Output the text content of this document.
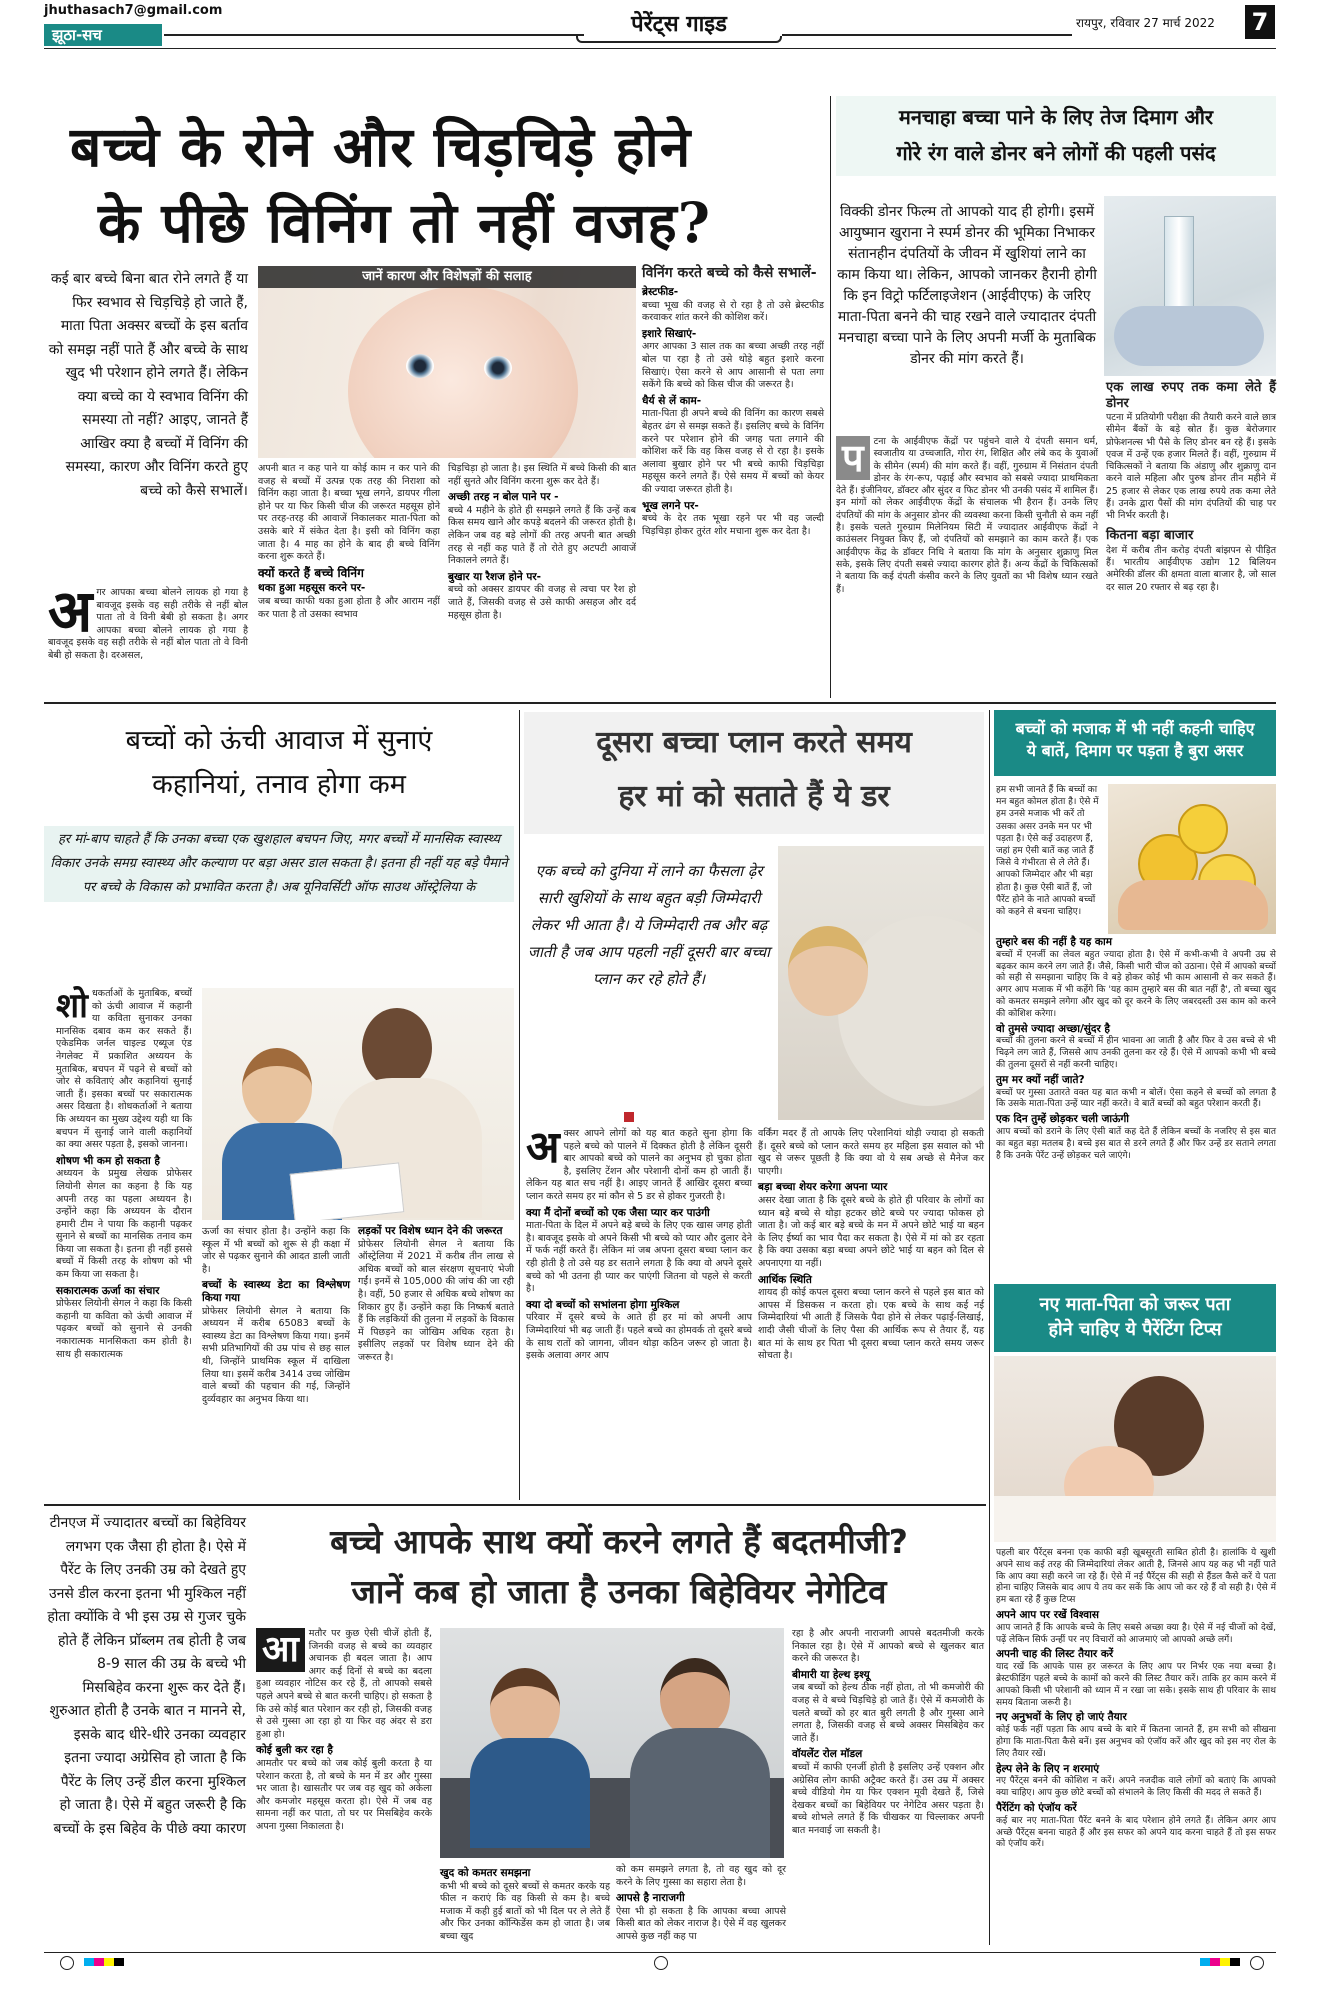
jhuthasach7@gmail.com
झूठा-सच	पेरेंट्स गाइड	रायपुर, रविवार 27 मार्च 2022 7
बच्चे के रोने और चिड़चिड़े होने
के पीछे विनिंग तो नहीं वजह?
कई बार बच्चे बिना बात रोने लगते हैं या फिर स्वभाव से चिड़चिड़े हो जाते हैं, माता पिता अक्सर बच्चों के इस बर्ताव को समझ नहीं पाते हैं और बच्चे के साथ खुद भी परेशान होने लगते हैं। लेकिन क्या बच्चे का ये स्वभाव विनिंग की समस्या तो नहीं? आइए, जानते हैं आखिर क्या है बच्चों में विनिंग की समस्या, कारण और विनिंग करते हुए बच्चे को कैसे सभालें।
जानें कारण और विशेषज्ञों की सलाह
अ गर आपका बच्चा बोलने लायक हो गया है बावजूद इसके वह सही तरीके से नहीं बोल पाता तो वे विनी बेबी हो सकता है। अगर आपका बच्चा बोलने लायक हो गया है बावजूद इसके वह सही तरीके से नहीं बोल पाता तो वे विनी बेबी हो सकता है। दरअसल,
अपनी बात न कह पाने या कोई काम न कर पाने की वजह से बच्चों में उत्पन्न एक तरह की निराशा को विनिंग कहा जाता है। बच्चा भूख लगने, डायपर गीला होने पर या फिर किसी चीज की जरूरत महसूस होने पर तरह-तरह की आवाजें निकालकर माता-पिता को उसके बारे में संकेत देता है। इसी को विनिंग कहा जाता है। 4 माह का होने के बाद ही बच्चे विनिंग करना शुरू करते हैं।
क्यों करते हैं बच्चे विनिंग
थका हुआ महसूस करने पर-
जब बच्चा काफी थका हुआ होता है और आराम नहीं कर पाता है तो उसका स्वभाव
चिड़चिड़ा हो जाता है। इस स्थिति में बच्चे किसी की बात नहीं सुनते और विनिंग करना शुरू कर देते हैं।
अच्छी तरह न बोल पाने पर -
बच्चे 4 महीने के होते ही समझने लगते हैं कि उन्हें कब किस समय खाने और कपड़े बदलने की जरूरत होती है। लेकिन जब वह बड़े लोगों की तरह अपनी बात अच्छी तरह से नहीं कह पाते हैं तो रोते हुए अटपटी आवाजें निकालने लगते हैं।
बुखार या रैशज होने पर-
बच्चे को अक्सर डायपर की वजह से त्वचा पर रैश हो जाते हैं, जिसकी वजह से उसे काफी असहज और दर्द महसूस होता है।
विनिंग करते बच्चे को कैसे सभालें-
ब्रेस्टफीड-
बच्चा भूख की वजह से रो रहा है तो उसे ब्रेस्टफीड करवाकर शांत करने की कोशिश करें।
इशारे सिखाएं-
अगर आपका 3 साल तक का बच्चा अच्छी तरह नहीं बोल पा रहा है तो उसे थोड़े बहुत इशारे करना सिखाएं। ऐसा करने से आप आसानी से पता लगा सकेंगे कि बच्चे को किस चीज की जरूरत है।
धैर्य से लें काम-
माता-पिता ही अपने बच्चे की विनिंग का कारण सबसे बेहतर ढंग से समझ सकते हैं। इसलिए बच्चे के विनिंग करने पर परेशान होने की जगह पता लगाने की कोशिश करें कि वह किस वजह से रो रहा है। इसके अलावा बुखार होने पर भी बच्चे काफी चिड़चिड़ा महसूस करने लगते हैं। ऐसे समय में बच्चों को केयर की ज्यादा जरूरत होती है।
भूख लगने पर-
बच्चे के देर तक भूखा रहने पर भी वह जल्दी चिड़चिड़ा होकर तुरंत शोर मचाना शुरू कर देता है।
मनचाहा बच्चा पाने के लिए तेज दिमाग और
गोरे रंग वाले डोनर बने लोगों की पहली पसंद
विक्की डोनर फिल्म तो आपको याद ही होगी। इसमें आयुष्मान खुराना ने स्पर्म डोनर की भूमिका निभाकर संतानहीन दंपतियों के जीवन में खुशियां लाने का काम किया था। लेकिन, आपको जानकर हैरानी होगी कि इन विट्रो फर्टिलाइजेशन (आईवीएफ) के जरिए माता-पिता बनने की चाह रखने वाले ज्यादातर दंपती मनचाहा बच्चा पाने के लिए अपनी मर्जी के मुताबिक डोनर की मांग करते हैं।
प	टना के आईवीएफ केंद्रों पर पहुंचने वाले ये दंपती समान धर्म, स्वजातीय या उच्चजाति, गोरा रंग, शिक्षित और लंबे कद के युवाओं के सीमेन (स्पर्म) की मांग करते हैं। वहीं, गुरुग्राम में निसंतान दंपती डोनर के रंग-रूप, पढ़ाई और स्वभाव को सबसे ज्यादा प्राथमिकता देते हैं। इंजीनियर, डॉक्टर और सुंदर व फिट डोनर भी उनकी पसंद में शामिल हैं। इन मांगों को लेकर आईवीएफ केंद्रों के संचालक भी हैरान हैं। उनके लिए दंपतियों की मांग के अनुसार डोनर की व्यवस्था करना किसी चुनौती से कम नहीं है। इसके चलते गुरुग्राम मिलेनियम सिटी में ज्यादातर आईवीएफ केंद्रों ने काउंसलर नियुक्त किए हैं, जो दंपतियों को समझाने का काम करते हैं। एक आईवीएफ केंद्र के डॉक्टर निधि ने बताया कि मांग के अनुसार शुक्राणु मिल सके, इसके लिए दंपती सबसे ज्यादा कारगर होते हैं। अन्य केंद्रों के चिकित्सकों ने बताया कि कई दंपती कंसीव करने के लिए युवतों का भी विशेष ध्यान रखते हैं।
एक लाख रुपए तक कमा लेते हैं डोनर
पटना में प्रतियोगी परीक्षा की तैयारी करने वाले छात्र सीमेन बैंकों के बड़े स्रोत हैं। कुछ बेरोजगार प्रोफेशनल्स भी पैसे के लिए डोनर बन रहे हैं। इसके एवज में उन्हें एक हजार मिलते हैं। वहीं, गुरुग्राम में चिकित्सकों ने बताया कि अंडाणु और शुक्राणु दान करने वाले महिला और पुरुष डोनर तीन महीने में 25 हजार से लेकर एक लाख रुपये तक कमा लेते हैं। उनके द्वारा पैसों की मांग दंपतियों की चाह पर भी निर्भर करती है।
कितना बड़ा बाजार
देश में करीब तीन करोड़ दंपती बांझपन से पीड़ित हैं। भारतीय आईवीएफ उद्योग 12 बिलियन अमेरिकी डॉलर की क्षमता वाला बाजार है, जो साल दर साल 20 रफ्तार से बढ़ रहा है।
बच्चों को ऊंची आवाज में सुनाएं
कहानियां, तनाव होगा कम
हर मां-बाप चाहते हैं कि उनका बच्चा एक खुशहाल बचपन जिए, मगर बच्चों में मानसिक स्वास्थ्य विकार उनके समग्र स्वास्थ्य और कल्याण पर बड़ा असर डाल सकता है। इतना ही नहीं यह बड़े पैमाने पर बच्चे के विकास को प्रभावित करता है। अब यूनिवर्सिटी ऑफ साउथ ऑस्ट्रेलिया के
शो धकर्ताओं के मुताबिक, बच्चों को ऊंची आवाज में कहानी या कविता सुनाकर उनका मानसिक दबाव कम कर सकते हैं। एकेडमिक जर्नल चाइल्ड एब्यूज एंड नेगलेक्ट में प्रकाशित अध्ययन के मुताबिक, बचपन में पढ़ने से बच्चों को जोर से कविताएं और कहानियां सुनाई जाती हैं। इसका बच्चों पर सकारात्मक असर दिखता है। शोधकर्ताओं ने बताया कि अध्ययन का मुख्य उद्देश्य यही था कि बचपन में सुनाई जाने वाली कहानियों का क्या असर पड़ता है, इसको जानना।
शोषण भी कम हो सकता है
अध्ययन के प्रमुख लेखक प्रोफेसर लियोनी सेगल का कहना है कि यह अपनी तरह का पहला अध्ययन है। उन्होंने कहा कि अध्ययन के दौरान हमारी टीम ने पाया कि कहानी पढ़कर सुनाने से बच्चों का मानसिक तनाव कम किया जा सकता है। इतना ही नहीं इससे बच्चों में किसी तरह के शोषण को भी कम किया जा सकता है।
सकारात्मक ऊर्जा का संचार
प्रोफेसर लियोनी सेगल ने कहा कि किसी कहानी या कविता को ऊंची आवाज में पढ़कर बच्चों को सुनाने से उनकी नकारात्मक मानसिकता कम होती है। साथ ही सकारात्मक
ऊर्जा का संचार होता है। उन्होंने कहा कि स्कूल में भी बच्चों को शुरू से ही कक्षा में जोर से पढ़कर सुनाने की आदत डाली जाती है।
बच्चों के स्वास्थ्य डेटा का विश्लेषण किया गया
प्रोफेसर लियोनी सेगल ने बताया कि अध्ययन में करीब 65083 बच्चों के स्वास्थ्य डेटा का विश्लेषण किया गया। इनमें सभी प्रतिभागियों की उम्र पांच से छह साल थी, जिन्होंने प्राथमिक स्कूल में दाखिला लिया था। इसमें करीब 3414 उच्च जोखिम वाले बच्चों की पहचान की गई, जिन्होंने दुर्व्यवहार का अनुभव किया था।
लड़कों पर विशेष ध्यान देने की जरूरत
प्रोफेसर लियोनी सेगल ने बताया कि ऑस्ट्रेलिया में 2021 में करीब तीन लाख से अधिक बच्चों को बाल संरक्षण सूचनाएं भेजी गईं। इनमें से 105,000 की जांच की जा रही है। वहीं, 50 हजार से अधिक बच्चे शोषण का शिकार हुए हैं। उन्होंने कहा कि निष्कर्ष बताते हैं कि लड़कियों की तुलना में लड़कों के विकास में पिछड़ने का जोखिम अधिक रहता है। इसीलिए लड़कों पर विशेष ध्यान देने की जरूरत है।
दूसरा बच्चा प्लान करते समय
हर मां को सताते हैं ये डर
एक बच्चे को दुनिया में लाने का फैसला ढ़ेर सारी खुशियों के साथ बहुत बड़ी जिम्मेदारी लेकर भी आता है। ये जिम्मेदारी तब और बढ़ जाती है जब आप पहली नहीं दूसरी बार बच्चा प्लान कर रहे होते हैं।
अ क्सर आपने लोगों को यह बात कहते सुना होगा कि पहले बच्चे को पालने में दिक्कत होती है लेकिन दूसरी बार आपको बच्चे को पालने का अनुभव हो चुका होता है, इसलिए टेंशन और परेशानी दोनों कम हो जाती हैं। लेकिन यह बात सच नहीं है। आइए जानते हैं आखिर दूसरा बच्चा प्लान करते समय हर मां कौन से 5 डर से होकर गुजरती है।
क्या मैं दोनों बच्चों को एक जैसा प्यार कर पाउंगी
माता-पिता के दिल में अपने बड़े बच्चे के लिए एक खास जगह होती है। बावजूद इसके वो अपने किसी भी बच्चे को प्यार और दुलार देने में फर्क नहीं करते हैं। लेकिन मां जब अपना दूसरा बच्चा प्लान कर रही होती है तो उसे यह डर सताने लगता है कि क्या वो अपने दूसरे बच्चे को भी उतना ही प्यार कर पाएंगी जितना वो पहले से करती है।
क्या दो बच्चों को सभांलना होगा मुश्किल
परिवार में दूसरे बच्चे के आते ही हर मां को अपनी आप जिम्मेदारियां भी बढ़ जाती हैं। पहले बच्चे का होमवर्क तो दूसरे बच्चे के साथ रातों को जागना, जीवन थोड़ा कठिन जरूर हो जाता है। इसके अलावा अगर आप
वर्किंग मदर हैं तो आपके लिए परेशानियां थोड़ी ज्यादा हो सकती हैं। दूसरे बच्चे को प्लान करते समय हर महिला इस सवाल को भी खुद से जरूर पूछती है कि क्या वो ये सब अच्छे से मैनेज कर पाएगी।
बड़ा बच्चा शेयर करेगा अपना प्यार
असर देखा जाता है कि दूसरे बच्चे के होते ही परिवार के लोगों का ध्यान बड़े बच्चे से थोड़ा हटकर छोटे बच्चे पर ज्यादा फोकस हो जाता है। जो कई बार बड़े बच्चे के मन में अपने छोटे भाई या बहन के लिए ईर्ष्या का भाव पैदा कर सकता है। ऐसे में मां को डर रहता है कि क्या उसका बड़ा बच्चा अपने छोटे भाई या बहन को दिल से अपनाएगा या नहीं।
आर्थिक स्थिति
शायद ही कोई कपल दूसरा बच्चा प्लान करने से पहले इस बात को आपस में डिसकस न करता हो। एक बच्चे के साथ कई नई जिम्मेदारियां भी आती हैं जिसके पैदा होने से लेकर पढ़ाई-लिखाई, शादी जैसी चीजों के लिए पैसा की आर्थिक रूप से तैयार हैं, यह बात मां के साथ हर पिता भी दूसरा बच्चा प्लान करते समय जरूर सोचता है।
बच्चों को मजाक में भी नहीं कहनी चाहिए
ये बातें, दिमाग पर पड़ता है बुरा असर
हम सभी जानते हैं कि बच्चों का मन बहुत कोमल होता है। ऐसे में हम उनसे मजाक भी करें तो उसका असर उनके मन पर भी पड़ता है। ऐसे कई उदाहरण हैं, जहां हम ऐसी बातें कह जाते हैं जिसे वे गंभीरता से ले लेते हैं। आपको जिम्मेदार और भी बड़ा होता है। कुछ ऐसी बातें हैं, जो पैरेंट होने के नाते आपको बच्चों को कहने से बचना चाहिए।
तुम्हारे बस की नहीं है यह काम
बच्चों में एनर्जी का लेवल बहुत ज्यादा होता है। ऐसे में कभी-कभी वे अपनी उम्र से बढ़कर काम करने लग जाते हैं। जैसे, किसी भारी चीज को उठाना। ऐसे में आपको बच्चों को सही से समझाना चाहिए कि वे बड़े होकर कोई भी काम आसानी से कर सकते हैं। अगर आप मजाक में भी कहेंगे कि 'यह काम तुम्हारे बस की बात नहीं है', तो बच्चा खुद को कमतर समझने लगेगा और खुद को दूर करने के लिए जबरदस्ती उस काम को करने की कोशिश करेगा।
वो तुमसे ज्यादा अच्छा/सुंदर है
बच्चों की तुलना करने से बच्चों में हीन भावना आ जाती है और फिर वे उस बच्चे से भी चिढ़ने लग जाते हैं, जिससे आप उनकी तुलना कर रहे हैं। ऐसे में आपको कभी भी बच्चे की तुलना दूसरों से नहीं करनी चाहिए।
तुम मर क्यों नहीं जाते?
बच्चों पर गुस्सा उतारते वक्त यह बात कभी न बोलें। ऐसा कहने से बच्चों को लगता है कि उसके माता-पिता उन्हें प्यार नहीं करते। वे बातें बच्चों को बहुत परेशान करती हैं।
एक दिन तुम्हें छोड़कर चली जाऊंगी
आप बच्चों को डराने के लिए ऐसी बातें कह देते हैं लेकिन बच्चों के नजरिए से इस बात का बहुत बड़ा मतलब है। बच्चे इस बात से डरने लगते हैं और फिर उन्हें डर सताने लगता है कि उनके पेरेंट उन्हें छोड़कर चले जाएंगे।
नए माता-पिता को जरूर पता
होने चाहिए ये पैरेंटिंग टिप्स
पहली बार पैरेंट्स बनना एक काफी बड़ी खूबसूरती साबित होती है। हालांकि ये खुशी अपने साथ कई तरह की जिम्मेदारियां लेकर आती है, जिनसे आप यह कह भी नहीं पाते कि आप क्या सही करने जा रहे हैं। ऐसे में नई पैरेंट्स की सही से हैंडल कैसे करें ये पता होना चाहिए जिसके बाद आप ये तय कर सकें कि आप जो कर रहे हैं वो सही है। ऐसे में हम बता रहे हैं कुछ टिप्स
अपने आप पर रखें विश्वास
आप जानते हैं कि आपके बच्चे के लिए सबसे अच्छा क्या है। ऐसे में नई चीजों को देखें, पढ़ें लेकिन सिर्फ उन्हीं पर नए विचारों को आजमाएं जो आपको अच्छे लगें।
अपनी चाह की लिस्ट तैयार करें
याद रखें कि आपके पास हर जरूरत के लिए आप पर निर्भर एक नया बच्चा है। ब्रेस्टफीडिंग पहले बच्चे के कामों को करने की लिस्ट तैयार करें। ताकि हर काम करने में आपको किसी भी परेशानी को ध्यान में न रखा जा सके। इसके साथ ही परिवार के साथ समय बिताना जरूरी है।
नए अनुभवों के लिए हो जाएं तैयार
कोई फर्क नहीं पड़ता कि आप बच्चे के बारे में कितना जानते हैं, हम सभी को सीखना होगा कि माता-पिता कैसे बनें। इस अनुभव को एंजॉय करें और खुद को इस नए रोल के लिए तैयार रखें।
हेल्प लेने के लिए न शरमाएं
नए पैरेंट्स बनने की कोशिश न करें। अपने नजदीक वाले लोगों को बताएं कि आपको क्या चाहिए। आप कुछ छोटे बच्चों को संभालने के लिए किसी की मदद ले सकते हैं।
पैरेंटिंग को एंजॉय करें
कई बार नए माता-पिता पैरेंट बनने के बाद परेशान होने लगते हैं। लेकिन अगर आप अच्छे पैरेंट्स बनना चाहते हैं और इस सफर को अपने याद करना चाहते हैं तो इस सफर को एंजॉय करें।
टीनएज में ज्यादातर बच्चों का बिहेवियर लगभग एक जैसा ही होता है। ऐसे में पैरेंट के लिए उनकी उम्र को देखते हुए उनसे डील करना इतना भी मुश्किल नहीं होता क्योंकि वे भी इस उम्र से गुजर चुके होते हैं लेकिन प्रॉब्लम तब होती है जब 8-9 साल की उम्र के बच्चे भी मिसबिहेव करना शुरू कर देते हैं। शुरुआत होती है उनके बात न मानने से, इसके बाद धीरे-धीरे उनका व्यवहार इतना ज्यादा अग्रेसिव हो जाता है कि पैरेंट के लिए उन्हें डील करना मुश्किल हो जाता है। ऐसे में बहुत जरूरी है कि बच्चों के इस बिहेव के पीछे क्या कारण
बच्चे आपके साथ क्यों करने लगते हैं बदतमीजी?
जानें कब हो जाता है उनका बिहेवियर नेगेटिव
आ	मतौर पर कुछ ऐसी चीजें होती हैं, जिनकी वजह से बच्चे का व्यवहार अचानक ही बदल जाता है। आप अगर कई दिनों से बच्चे का बदला हुआ व्यवहार नोटिस कर रहे हैं, तो आपको सबसे पहले अपने बच्चे से बात करनी चाहिए। हो सकता है कि उसे कोई बात परेशान कर रही हो, जिसकी वजह से उसे गुस्सा आ रहा हो या फिर वह अंदर से डरा हुआ हो।
कोई बुली कर रहा है
आमतौर पर बच्चे को जब कोई बुली करता है या परेशान करता है, तो बच्चे के मन में डर और गुस्सा भर जाता है। खासतौर पर जब वह खुद को अकेला और कमजोर महसूस करता हो। ऐसे में जब वह सामना नहीं कर पाता, तो घर पर मिसबिहेव करके अपना गुस्सा निकालता है।
खुद को कमतर समझना
कभी भी बच्चे को दूसरे बच्चों से कमतर करके यह फील न कराएं कि वह किसी से कम है। बच्चे मजाक में कही हुई बातों को भी दिल पर ले लेते हैं और फिर उनका कॉन्फिडेंस कम हो जाता है। जब बच्चा खुद
को कम समझने लगता है, तो वह खुद को दूर करने के लिए गुस्सा का सहारा लेता है।
आपसे है नाराजगी
ऐसा भी हो सकता है कि आपका बच्चा आपसे किसी बात को लेकर नाराज है। ऐसे में वह खुलकर आपसे कुछ नहीं कह पा
रहा है और अपनी नाराजगी आपसे बदतमीजी करके निकाल रहा है। ऐसे में आपको बच्चे से खुलकर बात करने की जरूरत है।
बीमारी या हेल्थ इश्यू
जब बच्चों को हेल्थ ठीक नहीं होता, तो भी कमजोरी की वजह से वे बच्चे चिड़चिड़े हो जाते हैं। ऐसे में कमजोरी के चलते बच्चों को हर बात बुरी लगती है और गुस्सा आने लगता है, जिसकी वजह से बच्चे अक्सर मिसबिहेव कर जाते हैं।
वॉयलेंट रोल मॉडल
बच्चों में काफी एनर्जी होती है इसलिए उन्हें एक्शन और अग्रेसिव लोग काफी अट्रैक्ट करते हैं। उस उम्र में अक्सर बच्चे वीडियो गेम या फिर एक्शन मूवी देखते हैं, जिसे देखकर बच्चों का बिहेवियर पर नेगेटिव असर पड़ता है। बच्चे शोभले लगते हैं कि चीखकर या चिल्लाकर अपनी बात मनवाई जा सकती है।
